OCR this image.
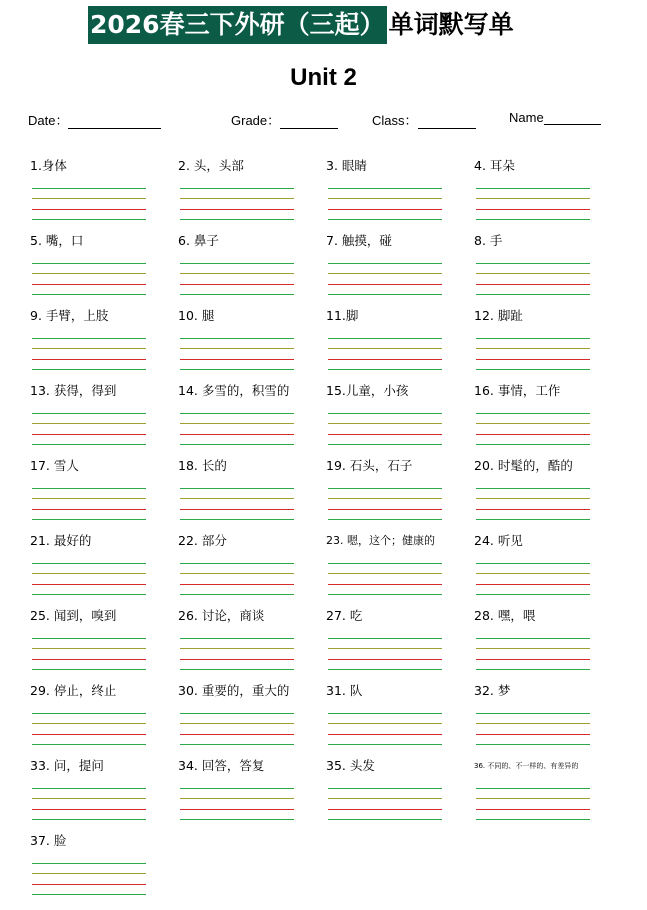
2026春三下外研（三起） 单词默写单
Unit 2
Date：	Grade：	Class：	Name
1.身体	2. 头，头部	3. 眼睛	4. 耳朵
5. 嘴，口	6. 鼻子	7. 触摸，碰	8. 手
9. 手臂，上肢	10. 腿	11.脚	12. 脚趾
13. 获得，得到	14. 多雪的，积雪的	15.儿童，小孩	16. 事情，工作
17. 雪人	18. 长的	19. 石头，石子	20. 时髦的，酷的
21. 最好的	22. 部分	23. 嗯，这个；健康的	24. 听见
25. 闻到，嗅到	26. 讨论，商谈	27. 吃	28. 嘿，喂
29. 停止，终止	30. 重要的，重大的	31. 队	32. 梦
33. 问，提问	34. 回答，答复	35. 头发	36. 不同的、不一样的、有差异的
37. 脸
